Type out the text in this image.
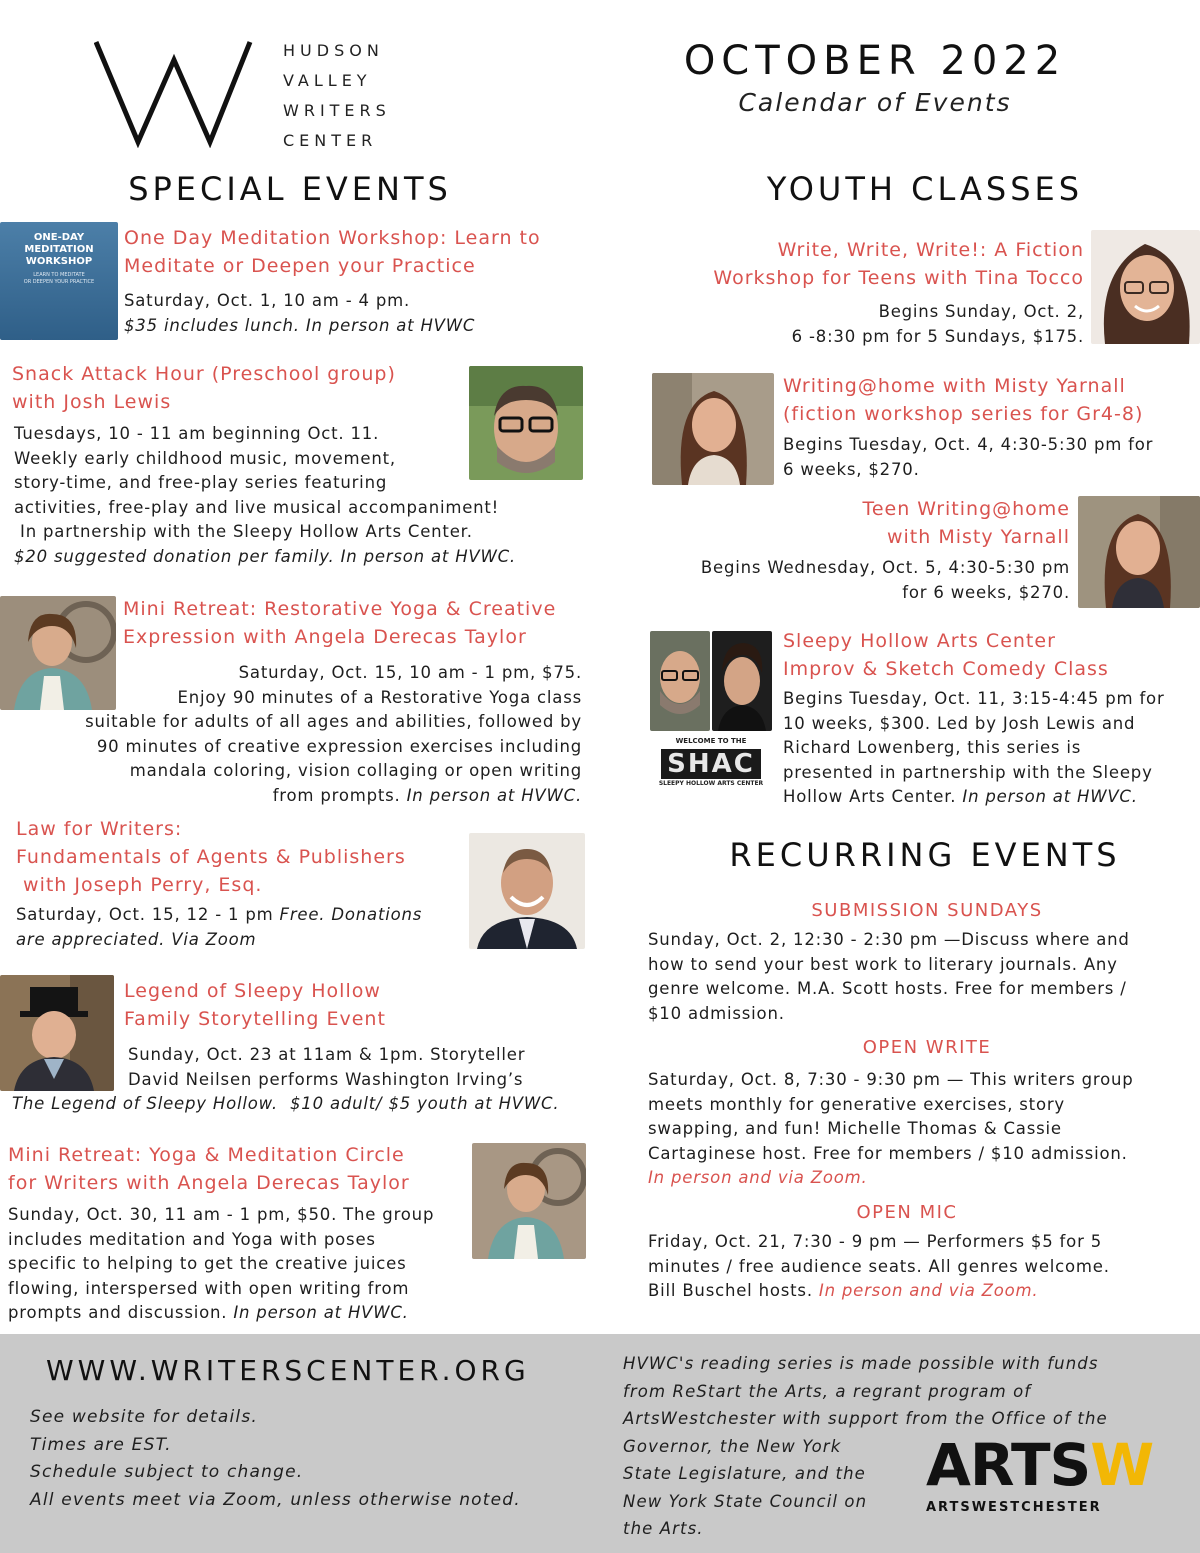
HUDSON
VALLEY
WRITERS
CENTER
OCTOBER 2022
Calendar of Events
SPECIAL EVENTS
ONE-DAY
MEDITATION
WORKSHOP
LEARN TO MEDITATE
OR DEEPEN YOUR PRACTICE
One Day Meditation Workshop: Learn to
Meditate or Deepen your Practice
Saturday, Oct. 1, 10 am - 4 pm.
$35 includes lunch. In person at HVWC
Snack Attack Hour (Preschool group)
with Josh Lewis
Tuesdays, 10 - 11 am beginning Oct. 11.
Weekly early childhood music, movement,
story-time, and free-play series featuring
activities, free-play and live musical accompaniment!
In partnership with the Sleepy Hollow Arts Center.
$20 suggested donation per family. In person at HVWC.
Mini Retreat: Restorative Yoga & Creative
Expression with Angela Derecas Taylor
Saturday, Oct. 15, 10 am - 1 pm, $75.
Enjoy 90 minutes of a Restorative Yoga class
suitable for adults of all ages and abilities, followed by
90 minutes of creative expression exercises including
mandala coloring, vision collaging or open writing
from prompts. In person at HVWC.
Law for Writers:
Fundamentals of Agents & Publishers
with Joseph Perry, Esq.
Saturday, Oct. 15, 12 - 1 pm Free. Donations
are appreciated. Via Zoom
Legend of Sleepy Hollow
Family Storytelling Event
Sunday, Oct. 23 at 11am & 1pm. Storyteller
David Neilsen performs Washington Irving’s
The Legend of Sleepy Hollow.  $10 adult/ $5 youth at HVWC.
Mini Retreat: Yoga & Meditation Circle
for Writers with Angela Derecas Taylor
Sunday, Oct. 30, 11 am - 1 pm, $50. The group
includes meditation and Yoga with poses
specific to helping to get the creative juices
flowing, interspersed with open writing from
prompts and discussion. In person at HVWC.
YOUTH CLASSES
Write, Write, Write!: A Fiction
Workshop for Teens with Tina Tocco
Begins Sunday, Oct. 2,
6 -8:30 pm for 5 Sundays, $175.
Writing@home with Misty Yarnall
(fiction workshop series for Gr4-8)
Begins Tuesday, Oct. 4, 4:30-5:30 pm for
6 weeks, $270.
Teen Writing@home
with Misty Yarnall
Begins Wednesday, Oct. 5, 4:30-5:30 pm
for 6 weeks, $270.
WELCOME TO THE
SHAC
SLEEPY HOLLOW ARTS CENTER
Sleepy Hollow Arts Center
Improv & Sketch Comedy Class
Begins Tuesday, Oct. 11, 3:15-4:45 pm for
10 weeks, $300. Led by Josh Lewis and
Richard Lowenberg, this series is
presented in partnership with the Sleepy
Hollow Arts Center. In person at HWVC.
RECURRING EVENTS
SUBMISSION SUNDAYS
Sunday, Oct. 2, 12:30 - 2:30 pm —Discuss where and
how to send your best work to literary journals. Any
genre welcome. M.A. Scott hosts. Free for members /
$10 admission.
OPEN WRITE
Saturday, Oct. 8, 7:30 - 9:30 pm — This writers group
meets monthly for generative exercises, story
swapping, and fun! Michelle Thomas & Cassie
Cartaginese host. Free for members / $10 admission.
In person and via Zoom.
OPEN MIC
Friday, Oct. 21, 7:30 - 9 pm — Performers $5 for 5
minutes / free audience seats. All genres welcome.
Bill Buschel hosts. In person and via Zoom.
WWW.WRITERSCENTER.ORG
See website for details.
Times are EST.
Schedule subject to change.
All events meet via Zoom, unless otherwise noted.
HVWC's reading series is made possible with funds
from ReStart the Arts, a regrant program of
ArtsWestchester with support from the Office of the
Governor, the New York
State Legislature, and the
New York State Council on
the Arts.
ARTSW
ARTSWESTCHESTER
